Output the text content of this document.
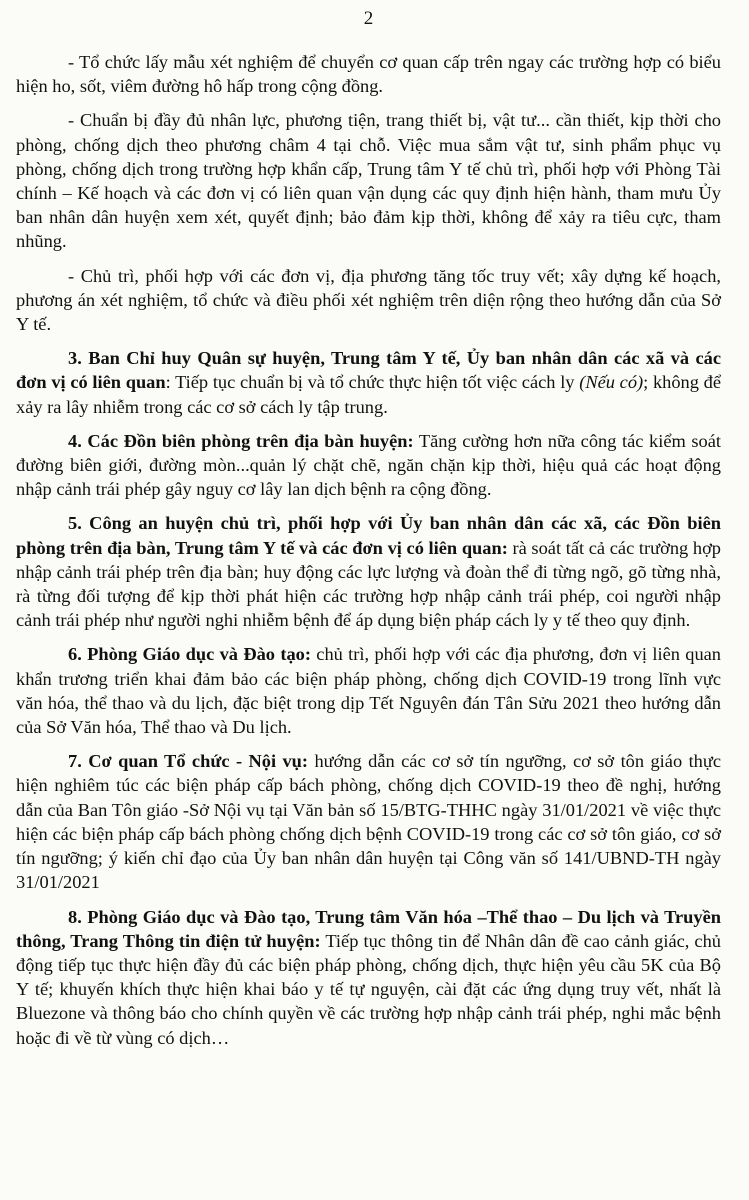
2

- Tổ chức lấy mẫu xét nghiệm để chuyển cơ quan cấp trên ngay các trường hợp có biểu hiện ho, sốt, viêm đường hô hấp trong cộng đồng.

- Chuẩn bị đầy đủ nhân lực, phương tiện, trang thiết bị, vật tư... cần thiết, kịp thời cho phòng, chống dịch theo phương châm 4 tại chỗ. Việc mua sắm vật tư, sinh phẩm phục vụ phòng, chống dịch trong trường hợp khẩn cấp, Trung tâm Y tế chủ trì, phối hợp với Phòng Tài chính – Kế hoạch và các đơn vị có liên quan vận dụng các quy định hiện hành, tham mưu Ủy ban nhân dân huyện xem xét, quyết định; bảo đảm kịp thời, không để xảy ra tiêu cực, tham nhũng.

- Chủ trì, phối hợp với các đơn vị, địa phương tăng tốc truy vết; xây dựng kế hoạch, phương án xét nghiệm, tổ chức và điều phối xét nghiệm trên diện rộng theo hướng dẫn của Sở Y tế.

3. Ban Chỉ huy Quân sự huyện, Trung tâm Y tế, Ủy ban nhân dân các xã và các đơn vị có liên quan: Tiếp tục chuẩn bị và tổ chức thực hiện tốt việc cách ly (Nếu có); không để xảy ra lây nhiễm trong các cơ sở cách ly tập trung.

4. Các Đồn biên phòng trên địa bàn huyện: Tăng cường hơn nữa công tác kiểm soát đường biên giới, đường mòn...quản lý chặt chẽ, ngăn chặn kịp thời, hiệu quả các hoạt động nhập cảnh trái phép gây nguy cơ lây lan dịch bệnh ra cộng đồng.

5. Công an huyện chủ trì, phối hợp với Ủy ban nhân dân các xã, các Đồn biên phòng trên địa bàn, Trung tâm Y tế và các đơn vị có liên quan: rà soát tất cả các trường hợp nhập cảnh trái phép trên địa bàn; huy động các lực lượng và đoàn thể đi từng ngõ, gõ từng nhà, rà từng đối tượng để kịp thời phát hiện các trường hợp nhập cảnh trái phép, coi người nhập cảnh trái phép như người nghi nhiễm bệnh để áp dụng biện pháp cách ly y tế theo quy định.

6. Phòng Giáo dục và Đào tạo: chủ trì, phối hợp với các địa phương, đơn vị liên quan khẩn trương triển khai đảm bảo các biện pháp phòng, chống dịch COVID-19 trong lĩnh vực văn hóa, thể thao và du lịch, đặc biệt trong dịp Tết Nguyên đán Tân Sửu 2021 theo hướng dẫn của Sở Văn hóa, Thể thao và Du lịch.

7. Cơ quan Tổ chức - Nội vụ: hướng dẫn các cơ sở tín ngưỡng, cơ sở tôn giáo thực hiện nghiêm túc các biện pháp cấp bách phòng, chống dịch COVID-19 theo đề nghị, hướng dẫn của Ban Tôn giáo -Sở Nội vụ tại Văn bản số 15/BTG-THHC ngày 31/01/2021 về việc thực hiện các biện pháp cấp bách phòng chống dịch bệnh COVID-19 trong các cơ sở tôn giáo, cơ sở tín ngưỡng; ý kiến chỉ đạo của Ủy ban nhân dân huyện tại Công văn số 141/UBND-TH ngày 31/01/2021

8. Phòng Giáo dục và Đào tạo, Trung tâm Văn hóa –Thể thao – Du lịch và Truyền thông, Trang Thông tin điện tử huyện: Tiếp tục thông tin để Nhân dân đề cao cảnh giác, chủ động tiếp tục thực hiện đầy đủ các biện pháp phòng, chống dịch, thực hiện yêu cầu 5K của Bộ Y tế; khuyến khích thực hiện khai báo y tế tự nguyện, cài đặt các ứng dụng truy vết, nhất là Bluezone và thông báo cho chính quyền về các trường hợp nhập cảnh trái phép, nghi mắc bệnh hoặc đi về từ vùng có dịch…
